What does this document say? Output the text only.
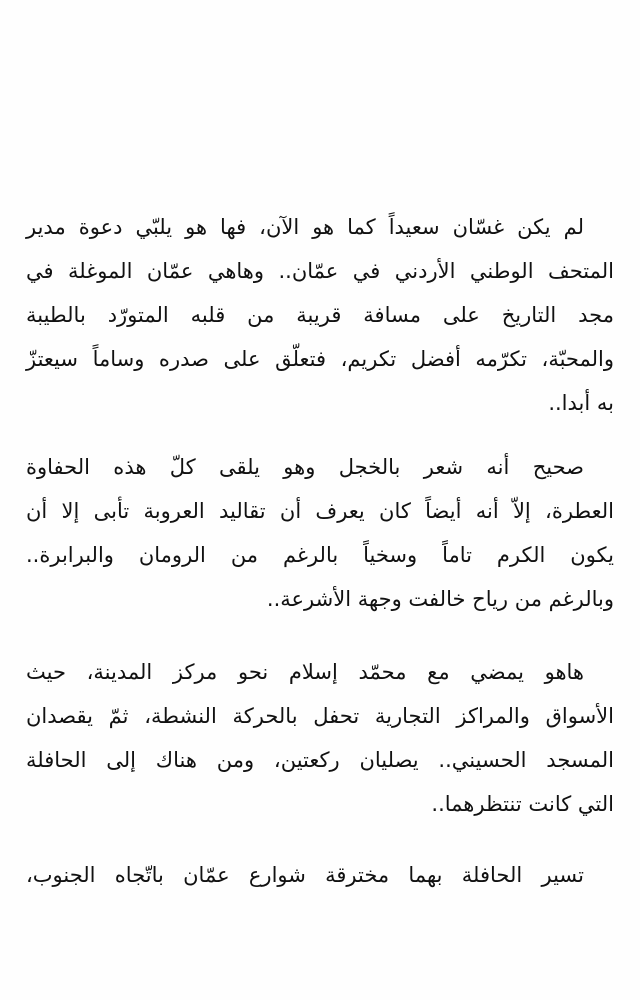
لم يكن غسّان سعيداً كما هو الآن، فها هو يلبّي دعوة مدير
المتحف الوطني الأردني في عمّان.. وهاهي عمّان الموغلة في
مجد التاريخ على مسافة قريبة من قلبه المتورّد بالطيبة
والمحبّة، تكرّمه أفضل تكريم، فتعلّق على صدره وساماً سيعتزّ
به أبدا..
صحيح أنه شعر بالخجل وهو يلقى كلّ هذه الحفاوة
العطرة، إلاّ أنه أيضاً كان يعرف أن تقاليد العروبة تأبى إلا أن
يكون الكرم تاماً وسخياً بالرغم من الرومان والبرابرة..
وبالرغم من رياح خالفت وجهة الأشرعة..
هاهو يمضي مع محمّد إسلام نحو مركز المدينة، حيث
الأسواق والمراكز التجارية تحفل بالحركة النشطة، ثمّ يقصدان
المسجد الحسيني.. يصليان ركعتين، ومن هناك إلى الحافلة
التي كانت تنتظرهما..
تسير الحافلة بهما مخترقة شوارع عمّان باتّجاه الجنوب،
